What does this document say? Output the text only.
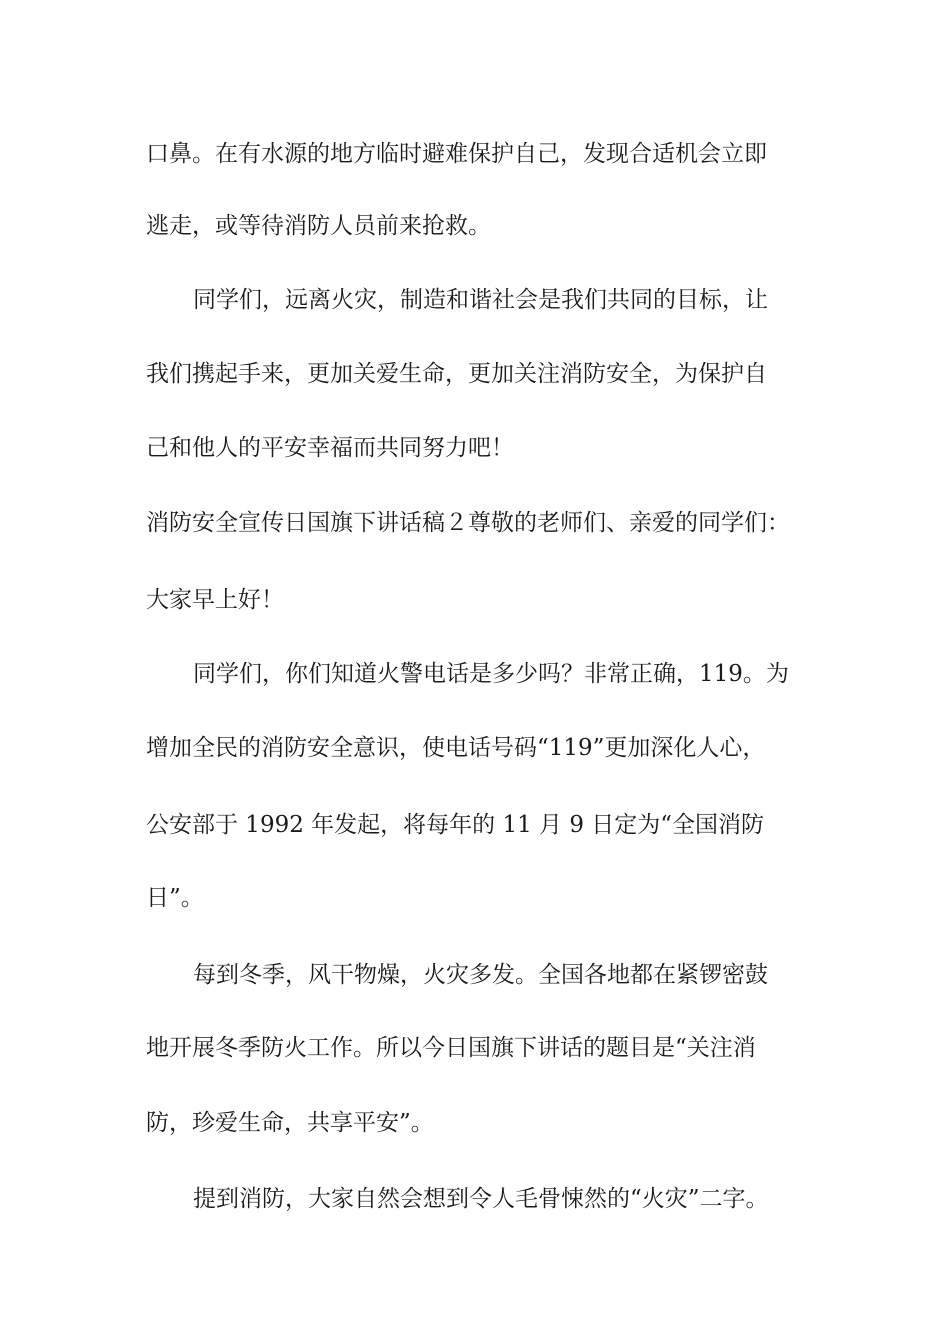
口鼻。在有水源的地方临时避难保护自己，发现合适机会立即

逃走，或等待消防人员前来抢救。

同学们，远离火灾，制造和谐社会是我们共同的目标，让

我们携起手来，更加关爱生命，更加关注消防安全，为保护自

己和他人的平安幸福而共同努力吧！

消防安全宣传日国旗下讲话稿２尊敬的老师们、亲爱的同学们：

大家早上好！

同学们，你们知道火警电话是多少吗？非常正确，119。为

增加全民的消防安全意识，使电话号码“119”更加深化人心，

公安部于 1992 年发起，将每年的 11 月 9 日定为“全国消防

日”。

每到冬季，风干物燥，火灾多发。全国各地都在紧锣密鼓

地开展冬季防火工作。所以今日国旗下讲话的题目是“关注消

防，珍爱生命，共享平安”。

提到消防，大家自然会想到令人毛骨悚然的“火灾”二字。
